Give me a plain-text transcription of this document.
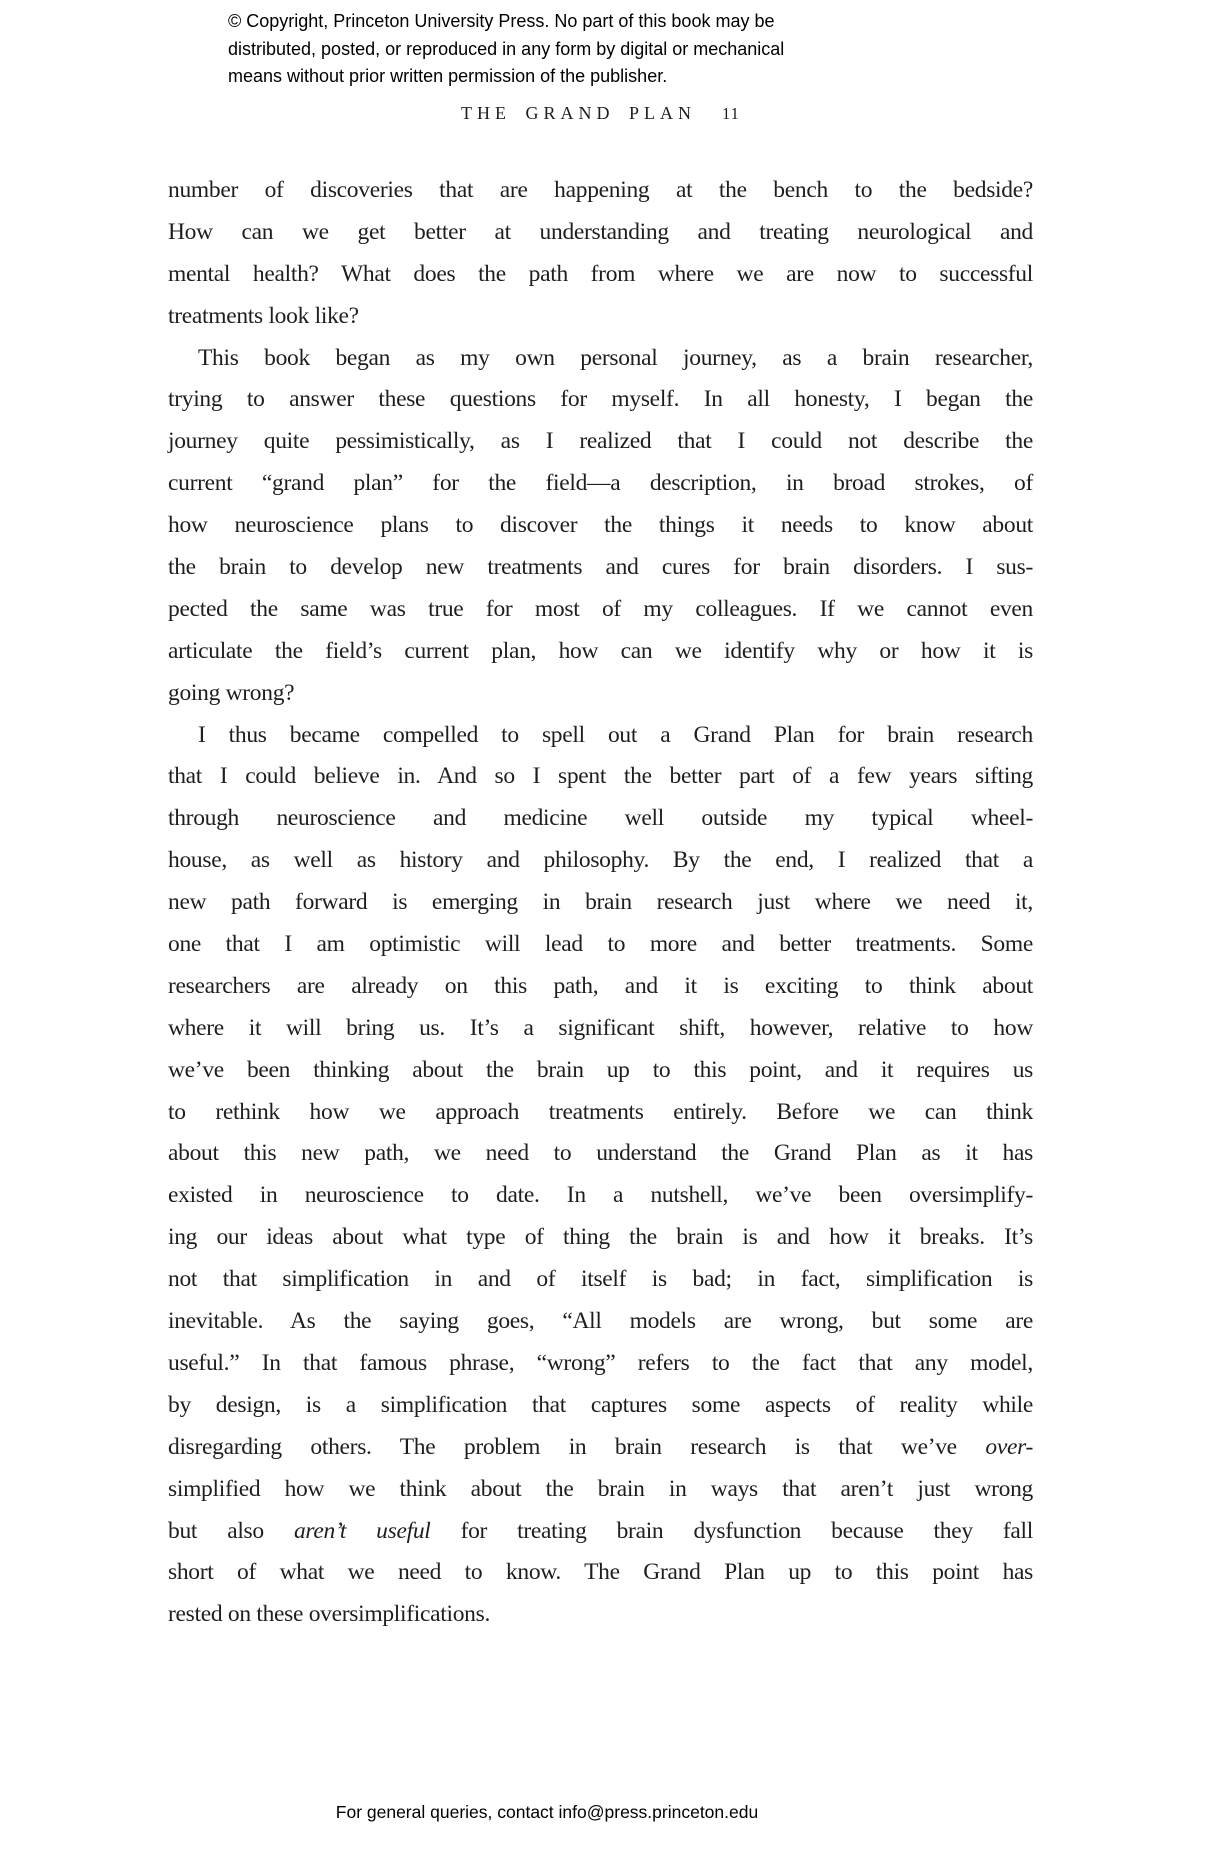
© Copyright, Princeton University Press. No part of this book may be
distributed, posted, or reproduced in any form by digital or mechanical
means without prior written permission of the publisher.
THE GRAND PLAN 11
number of discoveries that are happening at the bench to the bedside?
How can we get better at understanding and treating neurological and
mental health? What does the path from where we are now to successful
treatments look like?
This book began as my own personal journey, as a brain researcher,
trying to answer these questions for myself. In all honesty, I began the
journey quite pessimistically, as I realized that I could not describe the
current “grand plan” for the field—a description, in broad strokes, of
how neuroscience plans to discover the things it needs to know about
the brain to develop new treatments and cures for brain disorders. I sus-
pected the same was true for most of my colleagues. If we cannot even
articulate the field’s current plan, how can we identify why or how it is
going wrong?
I thus became compelled to spell out a Grand Plan for brain research
that I could believe in. And so I spent the better part of a few years sifting
through neuroscience and medicine well outside my typical wheel-
house, as well as history and philosophy. By the end, I realized that a
new path forward is emerging in brain research just where we need it,
one that I am optimistic will lead to more and better treatments. Some
researchers are already on this path, and it is exciting to think about
where it will bring us. It’s a significant shift, however, relative to how
we’ve been thinking about the brain up to this point, and it requires us
to rethink how we approach treatments entirely. Before we can think
about this new path, we need to understand the Grand Plan as it has
existed in neuroscience to date. In a nutshell, we’ve been oversimplify-
ing our ideas about what type of thing the brain is and how it breaks. It’s
not that simplification in and of itself is bad; in fact, simplification is
inevitable. As the saying goes, “All models are wrong, but some are
useful.” In that famous phrase, “wrong” refers to the fact that any model,
by design, is a simplification that captures some aspects of reality while
disregarding others. The problem in brain research is that we’ve over-
simplified how we think about the brain in ways that aren’t just wrong
but also aren’t useful for treating brain dysfunction because they fall
short of what we need to know. The Grand Plan up to this point has
rested on these oversimplifications.
For general queries, contact info@press.princeton.edu
